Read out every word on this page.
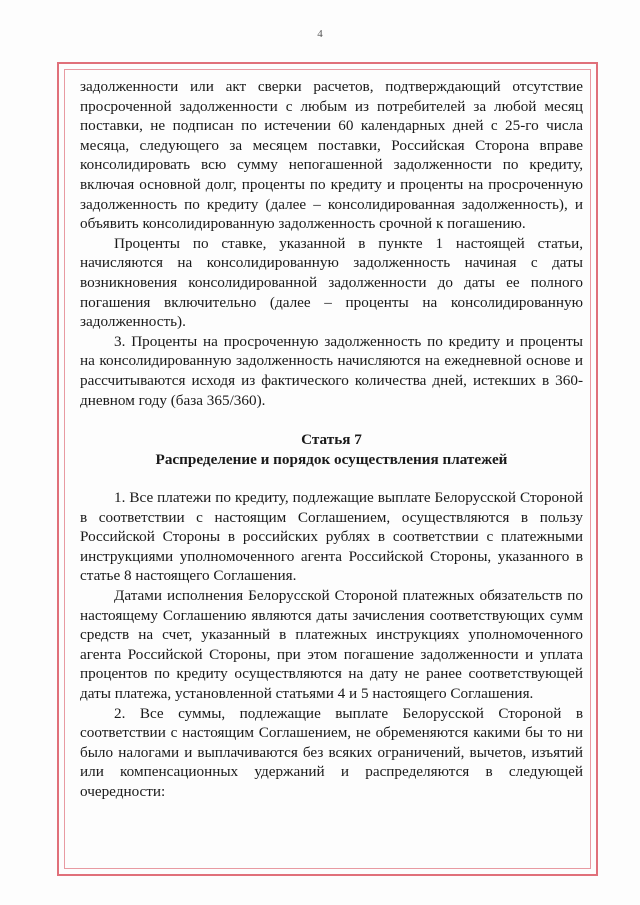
4

задолженности или акт сверки расчетов, подтверждающий отсутствие просроченной задолженности с любым из потребителей за любой месяц поставки, не подписан по истечении 60 календарных дней с 25-го числа месяца, следующего за месяцем поставки, Российская Сторона вправе консолидировать всю сумму непогашенной задолженности по кредиту, включая основной долг, проценты по кредиту и проценты на просроченную задолженность по кредиту (далее – консолидированная задолженность), и объявить консолидированную задолженность срочной к погашению.

Проценты по ставке, указанной в пункте 1 настоящей статьи, начисляются на консолидированную задолженность начиная с даты возникновения консолидированной задолженности до даты ее полного погашения включительно (далее – проценты на консолидированную задолженность).

3. Проценты на просроченную задолженность по кредиту и проценты на консолидированную задолженность начисляются на ежедневной основе и рассчитываются исходя из фактического количества дней, истекших в 360-дневном году (база 365/360).

Статья 7
Распределение и порядок осуществления платежей

1. Все платежи по кредиту, подлежащие выплате Белорусской Стороной в соответствии с настоящим Соглашением, осуществляются в пользу Российской Стороны в российских рублях в соответствии с платежными инструкциями уполномоченного агента Российской Стороны, указанного в статье 8 настоящего Соглашения.

Датами исполнения Белорусской Стороной платежных обязательств по настоящему Соглашению являются даты зачисления соответствующих сумм средств на счет, указанный в платежных инструкциях уполномоченного агента Российской Стороны, при этом погашение задолженности и уплата процентов по кредиту осуществляются на дату не ранее соответствующей даты платежа, установленной статьями 4 и 5 настоящего Соглашения.

2. Все суммы, подлежащие выплате Белорусской Стороной в соответствии с настоящим Соглашением, не обременяются какими бы то ни было налогами и выплачиваются без всяких ограничений, вычетов, изъятий или компенсационных удержаний и распределяются в следующей очередности:
